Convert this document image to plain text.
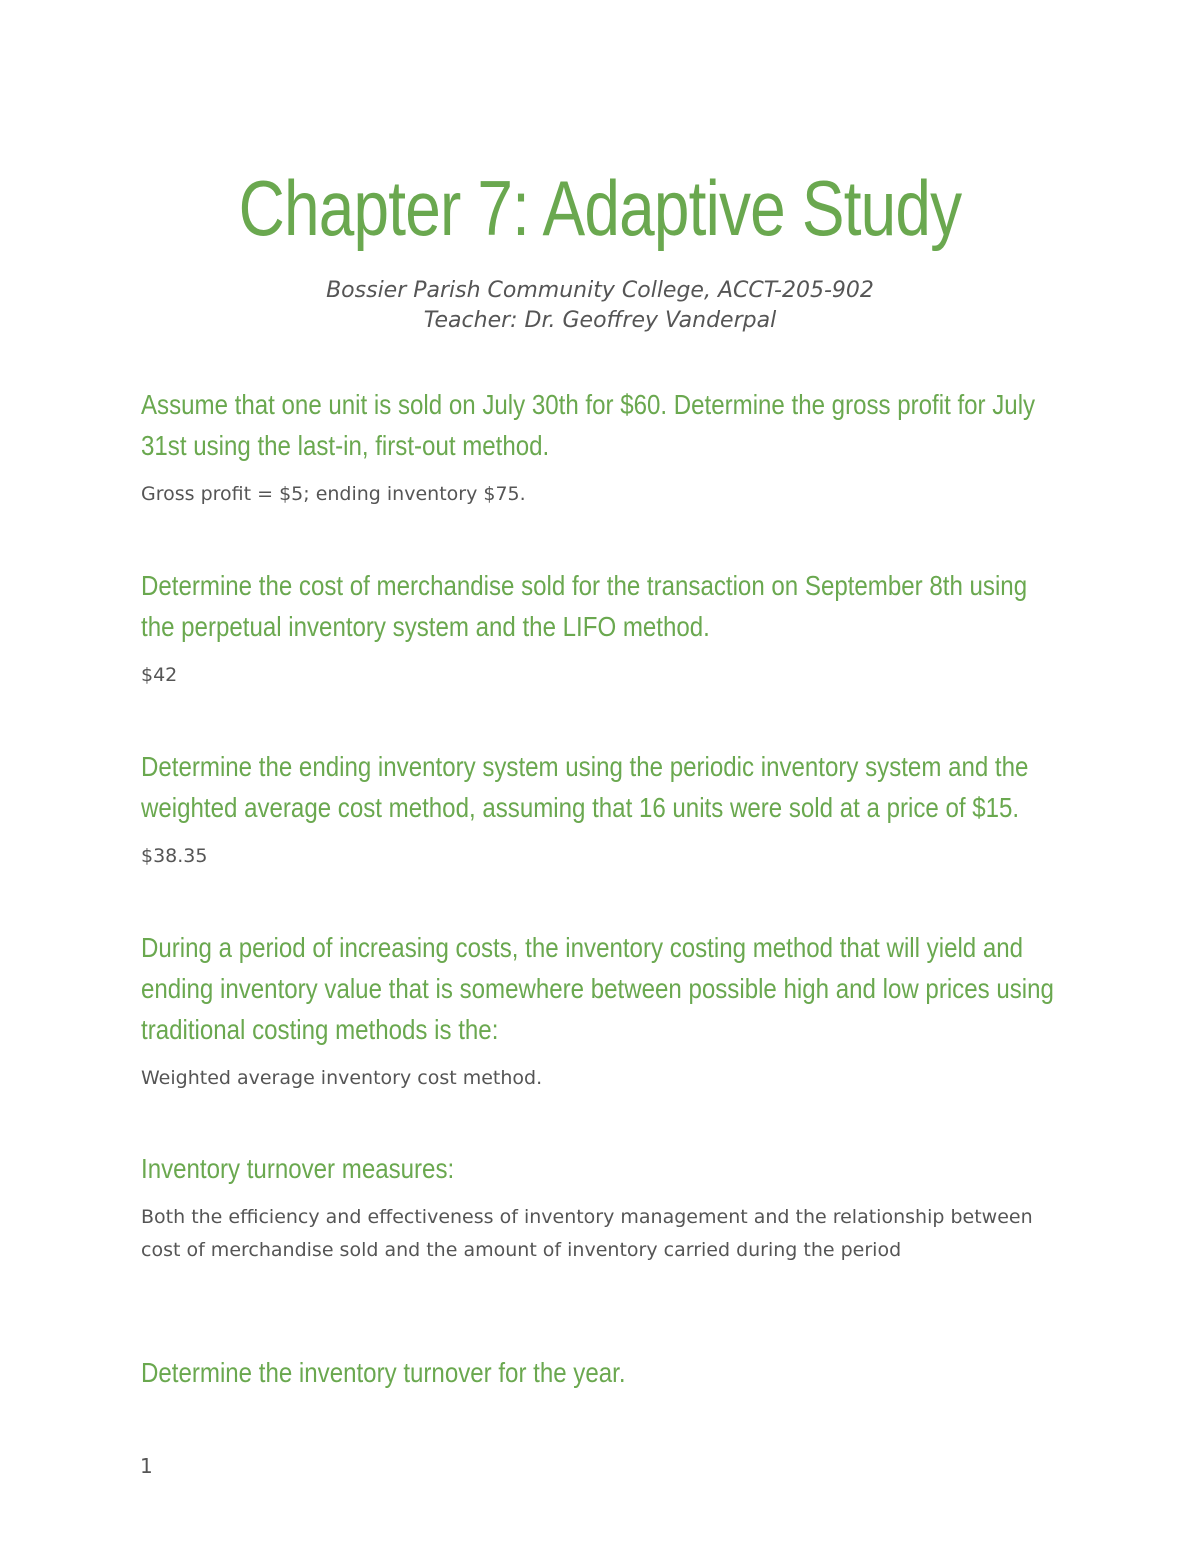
Chapter 7: Adaptive Study
Bossier Parish Community College, ACCT-205-902
Teacher: Dr. Geoffrey Vanderpal

Assume that one unit is sold on July 30th for $60. Determine the gross profit for July 31st using the last-in, first-out method.

Gross profit = $5; ending inventory $75.

Determine the cost of merchandise sold for the transaction on September 8th using the perpetual inventory system and the LIFO method.

$42

Determine the ending inventory system using the periodic inventory system and the weighted average cost method, assuming that 16 units were sold at a price of $15.

$38.35

During a period of increasing costs, the inventory costing method that will yield and ending inventory value that is somewhere between possible high and low prices using traditional costing methods is the:

Weighted average inventory cost method.

Inventory turnover measures:

Both the efficiency and effectiveness of inventory management and the relationship between cost of merchandise sold and the amount of inventory carried during the period

Determine the inventory turnover for the year.

1
